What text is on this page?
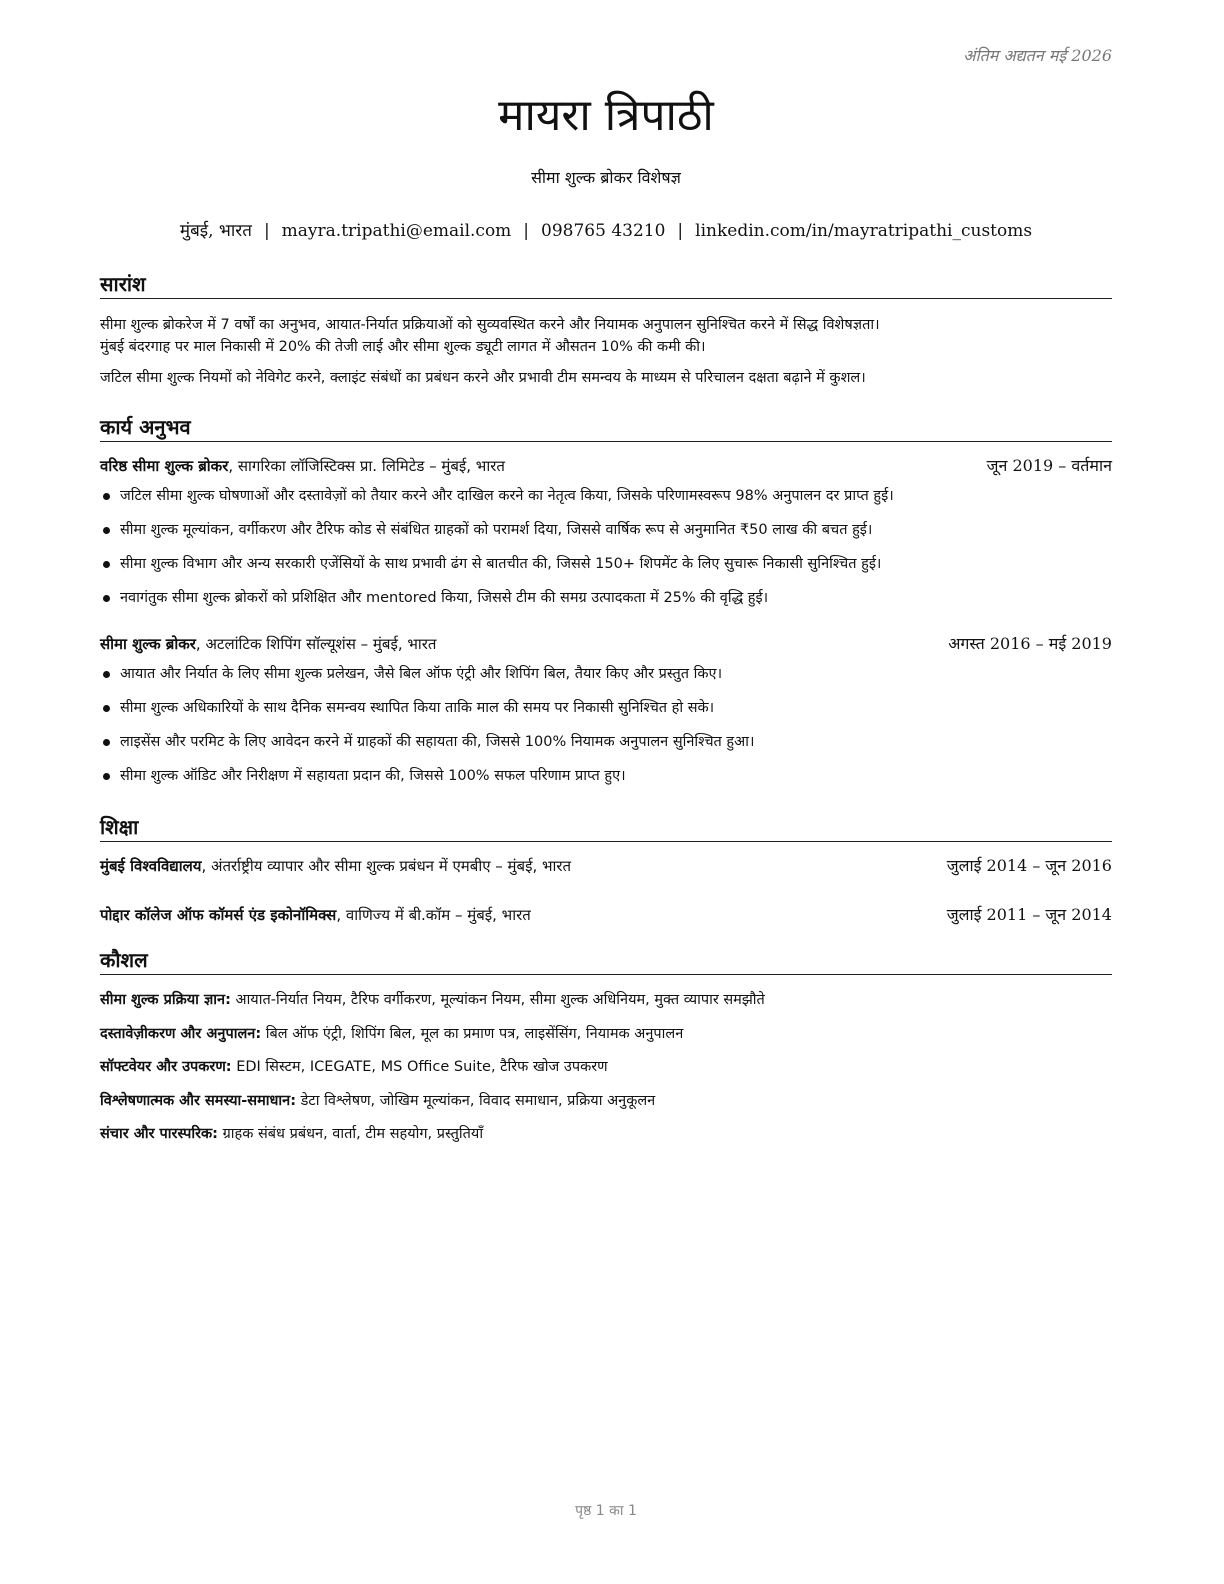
अंतिम अद्यतन मई 2026
मायरा त्रिपाठी
सीमा शुल्क ब्रोकर विशेषज्ञ
मुंबई, भारत | mayra.tripathi@email.com | 098765 43210 | linkedin.com/in/mayratripathi_customs
सारांश

सीमा शुल्क ब्रोकरेज में 7 वर्षों का अनुभव, आयात-निर्यात प्रक्रियाओं को सुव्यवस्थित करने और नियामक अनुपालन सुनिश्चित करने में सिद्ध विशेषज्ञता।

मुंबई बंदरगाह पर माल निकासी में 20% की तेजी लाई और सीमा शुल्क ड्यूटी लागत में औसतन 10% की कमी की।

जटिल सीमा शुल्क नियमों को नेविगेट करने, क्लाइंट संबंधों का प्रबंधन करने और प्रभावी टीम समन्वय के माध्यम से परिचालन दक्षता बढ़ाने में कुशल।

कार्य अनुभव
वरिष्ठ सीमा शुल्क ब्रोकर, सागरिका लॉजिस्टिक्स प्रा. लिमिटेड – मुंबई, भारत	जून 2019 – वर्तमान
जटिल सीमा शुल्क घोषणाओं और दस्तावेज़ों को तैयार करने और दाखिल करने का नेतृत्व किया, जिसके परिणामस्वरूप 98% अनुपालन दर प्राप्त हुई।
सीमा शुल्क मूल्यांकन, वर्गीकरण और टैरिफ कोड से संबंधित ग्राहकों को परामर्श दिया, जिससे वार्षिक रूप से अनुमानित ₹50 लाख की बचत हुई।
सीमा शुल्क विभाग और अन्य सरकारी एजेंसियों के साथ प्रभावी ढंग से बातचीत की, जिससे 150+ शिपमेंट के लिए सुचारू निकासी सुनिश्चित हुई।
नवागंतुक सीमा शुल्क ब्रोकरों को प्रशिक्षित और mentored किया, जिससे टीम की समग्र उत्पादकता में 25% की वृद्धि हुई।
सीमा शुल्क ब्रोकर, अटलांटिक शिपिंग सॉल्यूशंस – मुंबई, भारत	अगस्त 2016 – मई 2019
आयात और निर्यात के लिए सीमा शुल्क प्रलेखन, जैसे बिल ऑफ एंट्री और शिपिंग बिल, तैयार किए और प्रस्तुत किए।
सीमा शुल्क अधिकारियों के साथ दैनिक समन्वय स्थापित किया ताकि माल की समय पर निकासी सुनिश्चित हो सके।
लाइसेंस और परमिट के लिए आवेदन करने में ग्राहकों की सहायता की, जिससे 100% नियामक अनुपालन सुनिश्चित हुआ।
सीमा शुल्क ऑडिट और निरीक्षण में सहायता प्रदान की, जिससे 100% सफल परिणाम प्राप्त हुए।
शिक्षा
मुंबई विश्वविद्यालय, अंतर्राष्ट्रीय व्यापार और सीमा शुल्क प्रबंधन में एमबीए – मुंबई, भारत	जुलाई 2014 – जून 2016
पोद्दार कॉलेज ऑफ कॉमर्स एंड इकोनॉमिक्स, वाणिज्य में बी.कॉम – मुंबई, भारत	जुलाई 2011 – जून 2014
कौशल
सीमा शुल्क प्रक्रिया ज्ञान: आयात-निर्यात नियम, टैरिफ वर्गीकरण, मूल्यांकन नियम, सीमा शुल्क अधिनियम, मुक्त व्यापार समझौते
दस्तावेज़ीकरण और अनुपालन: बिल ऑफ एंट्री, शिपिंग बिल, मूल का प्रमाण पत्र, लाइसेंसिंग, नियामक अनुपालन
सॉफ्टवेयर और उपकरण: EDI सिस्टम, ICEGATE, MS Office Suite, टैरिफ खोज उपकरण
विश्लेषणात्मक और समस्या-समाधान: डेटा विश्लेषण, जोखिम मूल्यांकन, विवाद समाधान, प्रक्रिया अनुकूलन
संचार और पारस्परिक: ग्राहक संबंध प्रबंधन, वार्ता, टीम सहयोग, प्रस्तुतियाँ
पृष्ठ 1 का 1
